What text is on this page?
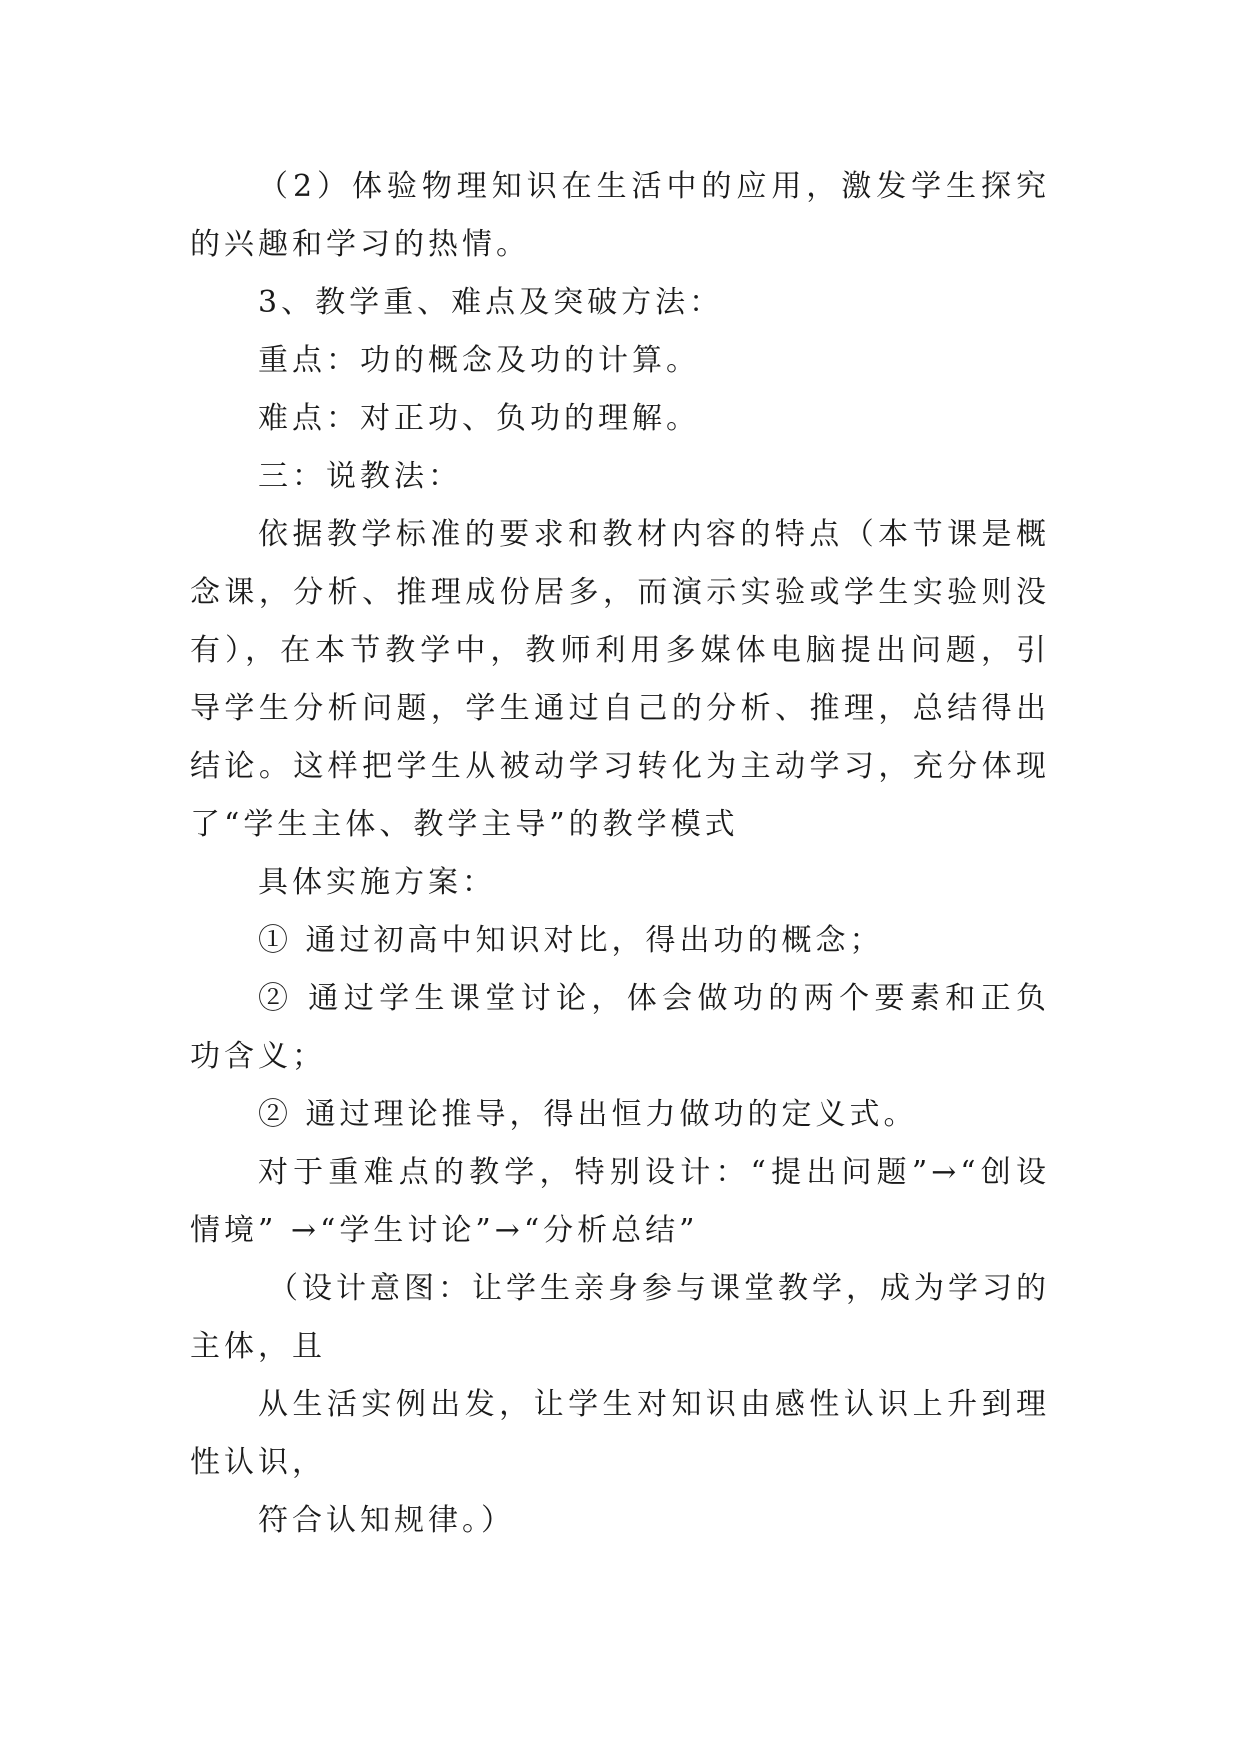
（2）体验物理知识在生活中的应用，激发学生探究的兴趣和学习的热情。

3、教学重、难点及突破方法：

重点：功的概念及功的计算。

难点：对正功、负功的理解。

三：说教法：

依据教学标准的要求和教材内容的特点（本节课是概念课，分析、推理成份居多，而演示实验或学生实验则没有），在本节教学中，教师利用多媒体电脑提出问题，引导学生分析问题，学生通过自己的分析、推理，总结得出结论。这样把学生从被动学习转化为主动学习，充分体现了“学生主体、教学主导”的教学模式

具体实施方案：

① 通过初高中知识对比，得出功的概念；

② 通过学生课堂讨论，体会做功的两个要素和正负功含义；

② 通过理论推导，得出恒力做功的定义式。

对于重难点的教学，特别设计：“提出问题”→“创设情境” →“学生讨论”→“分析总结”

（设计意图：让学生亲身参与课堂教学，成为学习的主体，且

从生活实例出发，让学生对知识由感性认识上升到理性认识，

符合认知规律。）
